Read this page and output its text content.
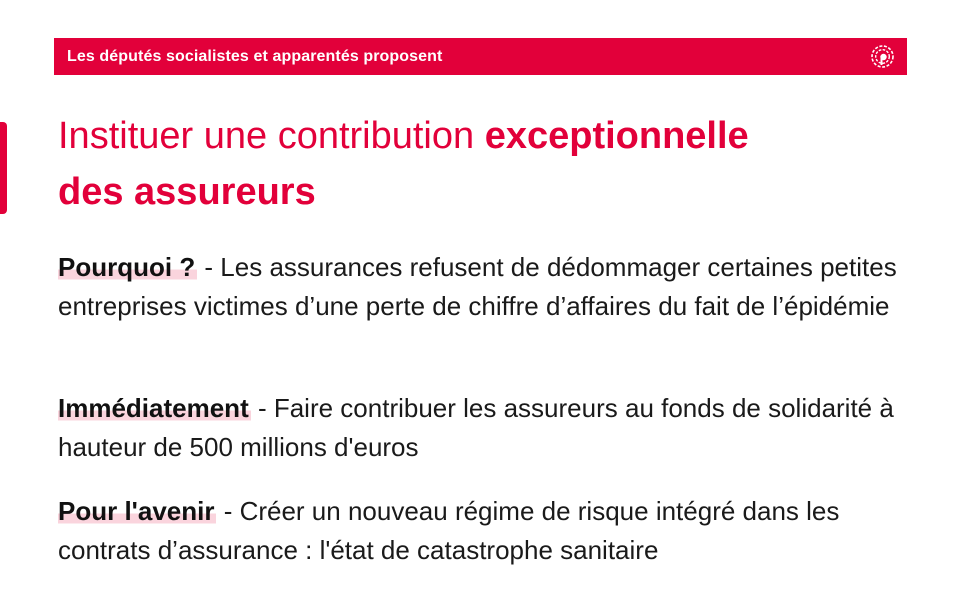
Les députés socialistes et apparentés proposent
Instituer une contribution exceptionnelle
des assureurs

Pourquoi ? - Les assurances refusent de dédommager certaines petites entreprises victimes d’une perte de chiffre d’affaires du fait de l’épidémie

Immédiatement - Faire contribuer les assureurs au fonds de solidarité à hauteur de 500 millions d'euros

Pour l'avenir - Créer un nouveau régime de risque intégré dans les contrats d’assurance : l'état de catastrophe sanitaire
